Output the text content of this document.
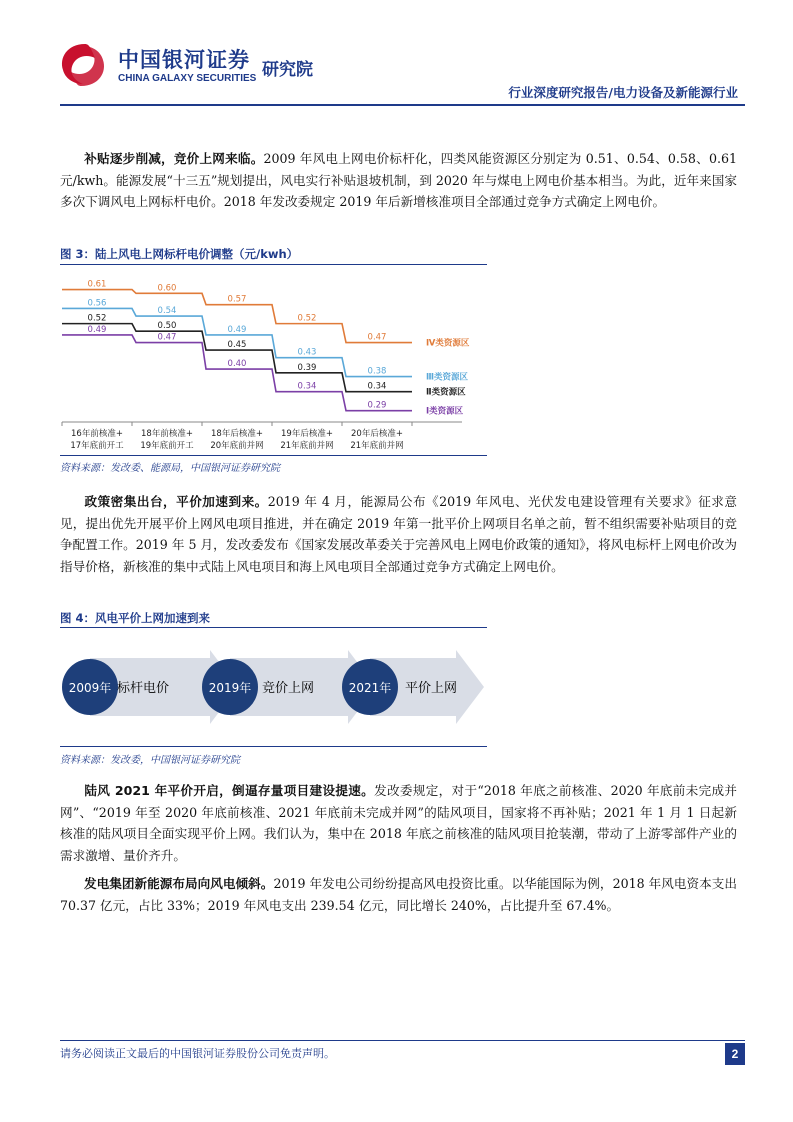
中国银河证券
CHINA GALAXY SECURITIES 研究院
行业深度研究报告/电力设备及新能源行业
补贴逐步削减，竞价上网来临。2009 年风电上网电价标杆化，四类风能资源区分别定为 0.51、0.54、0.58、0.61 元/kwh。能源发展“十三五”规划提出，风电实行补贴退坡机制，到 2020 年与煤电上网电价基本相当。为此，近年来国家多次下调风电上网标杆电价。2018 年发改委规定 2019 年后新增核准项目全部通过竞争方式确定上网电价。
图 3：陆上风电上网标杆电价调整（元/kwh）
16年前核准+
17年底前开工
18年前核准+
19年底前开工
18年后核准+
20年底前并网
19年后核准+
21年底前并网
20年后核准+
21年底前并网
0.61	0.60
0.57
0.52
0.47
Ⅳ类资源区
0.56
0.54
0.49
0.43
0.38
Ⅲ类资源区
0.52
0.50
0.45
0.39
0.34
Ⅱ类资源区
0.49
0.47
0.40
0.34
0.29
Ⅰ类资源区
资料来源：发改委、能源局，中国银河证券研究院
政策密集出台，平价加速到来。2019 年 4 月，能源局公布《2019 年风电、光伏发电建设管理有关要求》征求意见，提出优先开展平价上网风电项目推进，并在确定 2019 年第一批平价上网项目名单之前，暂不组织需要补贴项目的竞争配置工作。2019 年 5 月，发改委发布《国家发展改革委关于完善风电上网电价政策的通知》，将风电标杆上网电价改为指导价格，新核准的集中式陆上风电项目和海上风电项目全部通过竞争方式确定上网电价。
图 4：风电平价上网加速到来
2009年 标杆电价	2019年 竞价上网	2021年 平价上网
资料来源：发改委，中国银河证券研究院
陆风 2021 年平价开启，倒逼存量项目建设提速。发改委规定，对于“2018 年底之前核准、2020 年底前未完成并网”、“2019 年至 2020 年底前核准、2021 年底前未完成并网”的陆风项目，国家将不再补贴；2021 年 1 月 1 日起新核准的陆风项目全面实现平价上网。我们认为，集中在 2018 年底之前核准的陆风项目抢装潮，带动了上游零部件产业的需求激增、量价齐升。
发电集团新能源布局向风电倾斜。2019 年发电公司纷纷提高风电投资比重。以华能国际为例，2018 年风电资本支出 70.37 亿元，占比 33%；2019 年风电支出 239.54 亿元，同比增长 240%，占比提升至 67.4%。
请务必阅读正文最后的中国银河证券股份公司免责声明。	2
